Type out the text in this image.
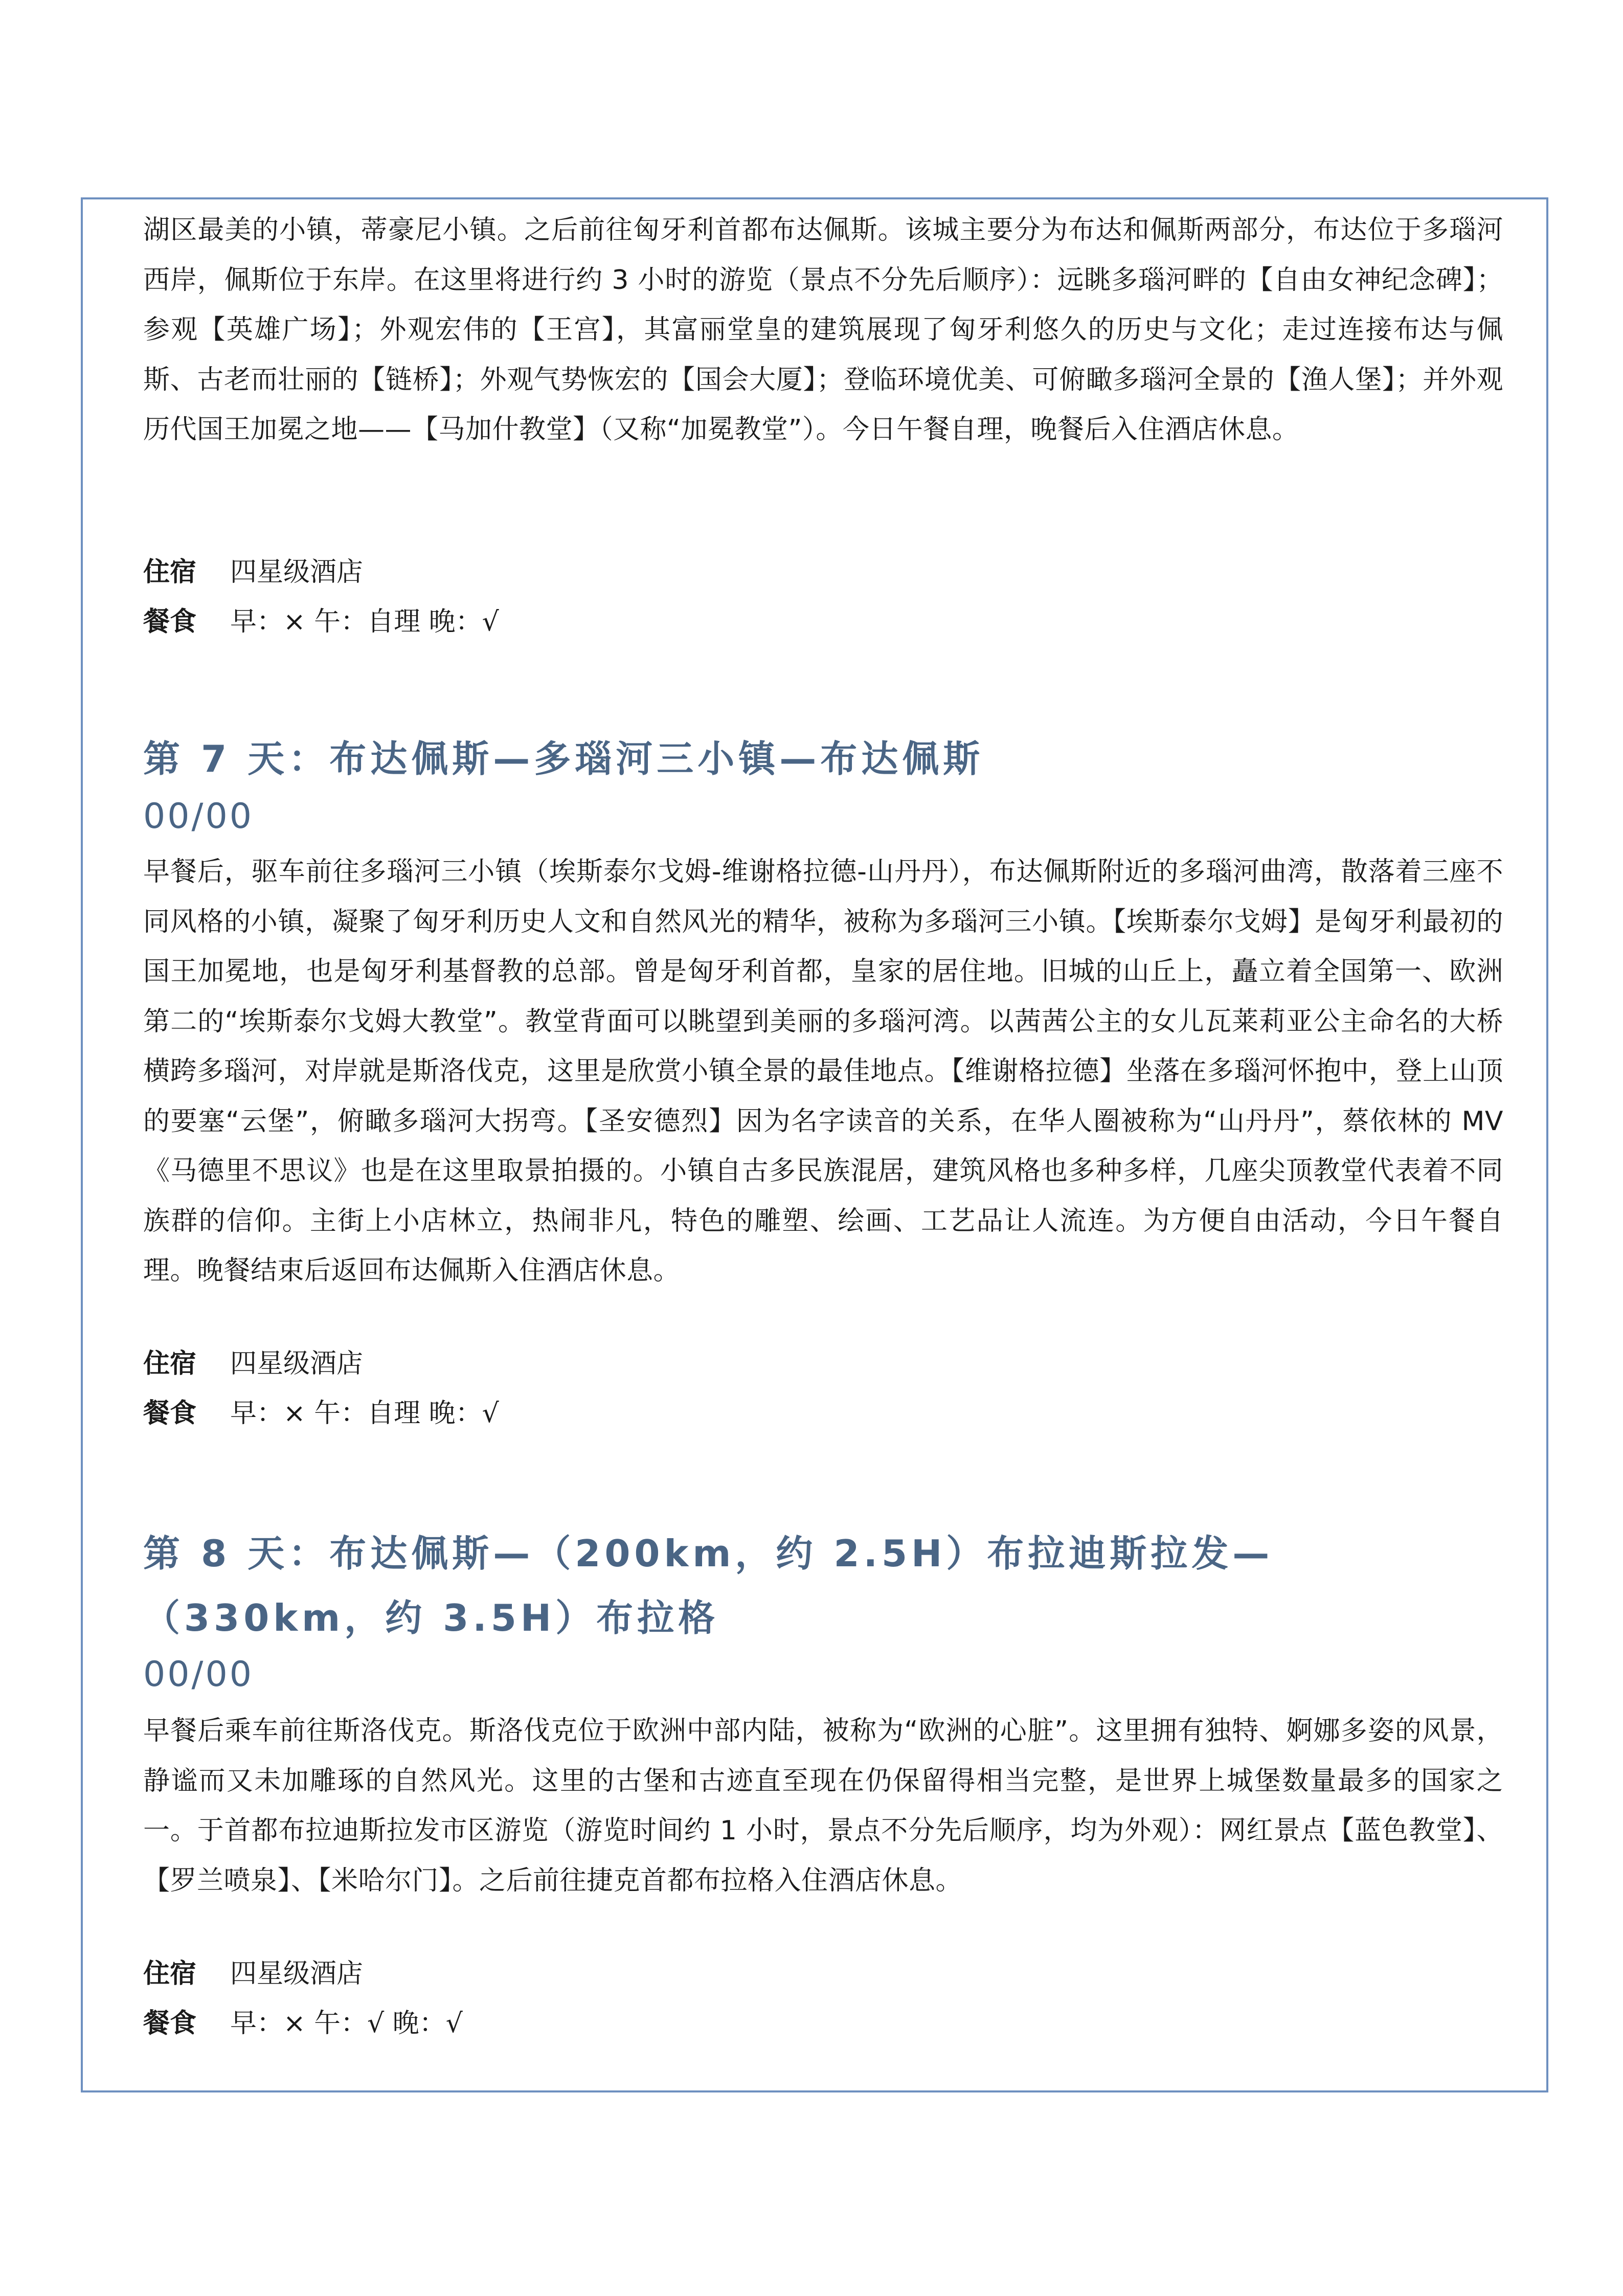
湖区最美的小镇，蒂豪尼小镇。之后前往匈牙利首都布达佩斯。该城主要分为布达和佩斯两部分，布达位于多瑙河西岸，佩斯位于东岸。在这里将进行约 3 小时的游览（景点不分先后顺序）：远眺多瑙河畔的【自由女神纪念碑】；参观【英雄广场】；外观宏伟的【王宫】，其富丽堂皇的建筑展现了匈牙利悠久的历史与文化；走过连接布达与佩斯、古老而壮丽的【链桥】；外观气势恢宏的【国会大厦】；登临环境优美、可俯瞰多瑙河全景的【渔人堡】；并外观历代国王加冕之地——【马加什教堂】（又称“加冕教堂”）。今日午餐自理，晚餐后入住酒店休息。

住宿 四星级酒店
餐食 早：× 午：自理 晚：√
第 7 天：布达佩斯—多瑙河三小镇—布达佩斯
00/00

早餐后，驱车前往多瑙河三小镇（埃斯泰尔戈姆-维谢格拉德-山丹丹），布达佩斯附近的多瑙河曲湾，散落着三座不同风格的小镇，凝聚了匈牙利历史人文和自然风光的精华，被称为多瑙河三小镇。【埃斯泰尔戈姆】是匈牙利最初的国王加冕地，也是匈牙利基督教的总部。曾是匈牙利首都，皇家的居住地。旧城的山丘上，矗立着全国第一、欧洲第二的“埃斯泰尔戈姆大教堂”。教堂背面可以眺望到美丽的多瑙河湾。以茜茜公主的女儿瓦莱莉亚公主命名的大桥横跨多瑙河，对岸就是斯洛伐克，这里是欣赏小镇全景的最佳地点。【维谢格拉德】坐落在多瑙河怀抱中，登上山顶的要塞“云堡”，俯瞰多瑙河大拐弯。【圣安德烈】因为名字读音的关系，在华人圈被称为“山丹丹”，蔡依林的 MV《马德里不思议》也是在这里取景拍摄的。小镇自古多民族混居，建筑风格也多种多样，几座尖顶教堂代表着不同族群的信仰。主街上小店林立，热闹非凡，特色的雕塑、绘画、工艺品让人流连。为方便自由活动，今日午餐自理。晚餐结束后返回布达佩斯入住酒店休息。

住宿 四星级酒店
餐食 早：× 午：自理 晚：√
第 8 天：布达佩斯—（200km，约 2.5H）布拉迪斯拉发—（330km，约 3.5H）布拉格
00/00

早餐后乘车前往斯洛伐克。斯洛伐克位于欧洲中部内陆，被称为“欧洲的心脏”。这里拥有独特、婀娜多姿的风景，静谧而又未加雕琢的自然风光。这里的古堡和古迹直至现在仍保留得相当完整，是世界上城堡数量最多的国家之一。于首都布拉迪斯拉发市区游览（游览时间约 1 小时，景点不分先后顺序，均为外观）：网红景点【蓝色教堂】、【罗兰喷泉】、【米哈尔门】。之后前往捷克首都布拉格入住酒店休息。

住宿 四星级酒店
餐食 早：× 午：√ 晚：√
